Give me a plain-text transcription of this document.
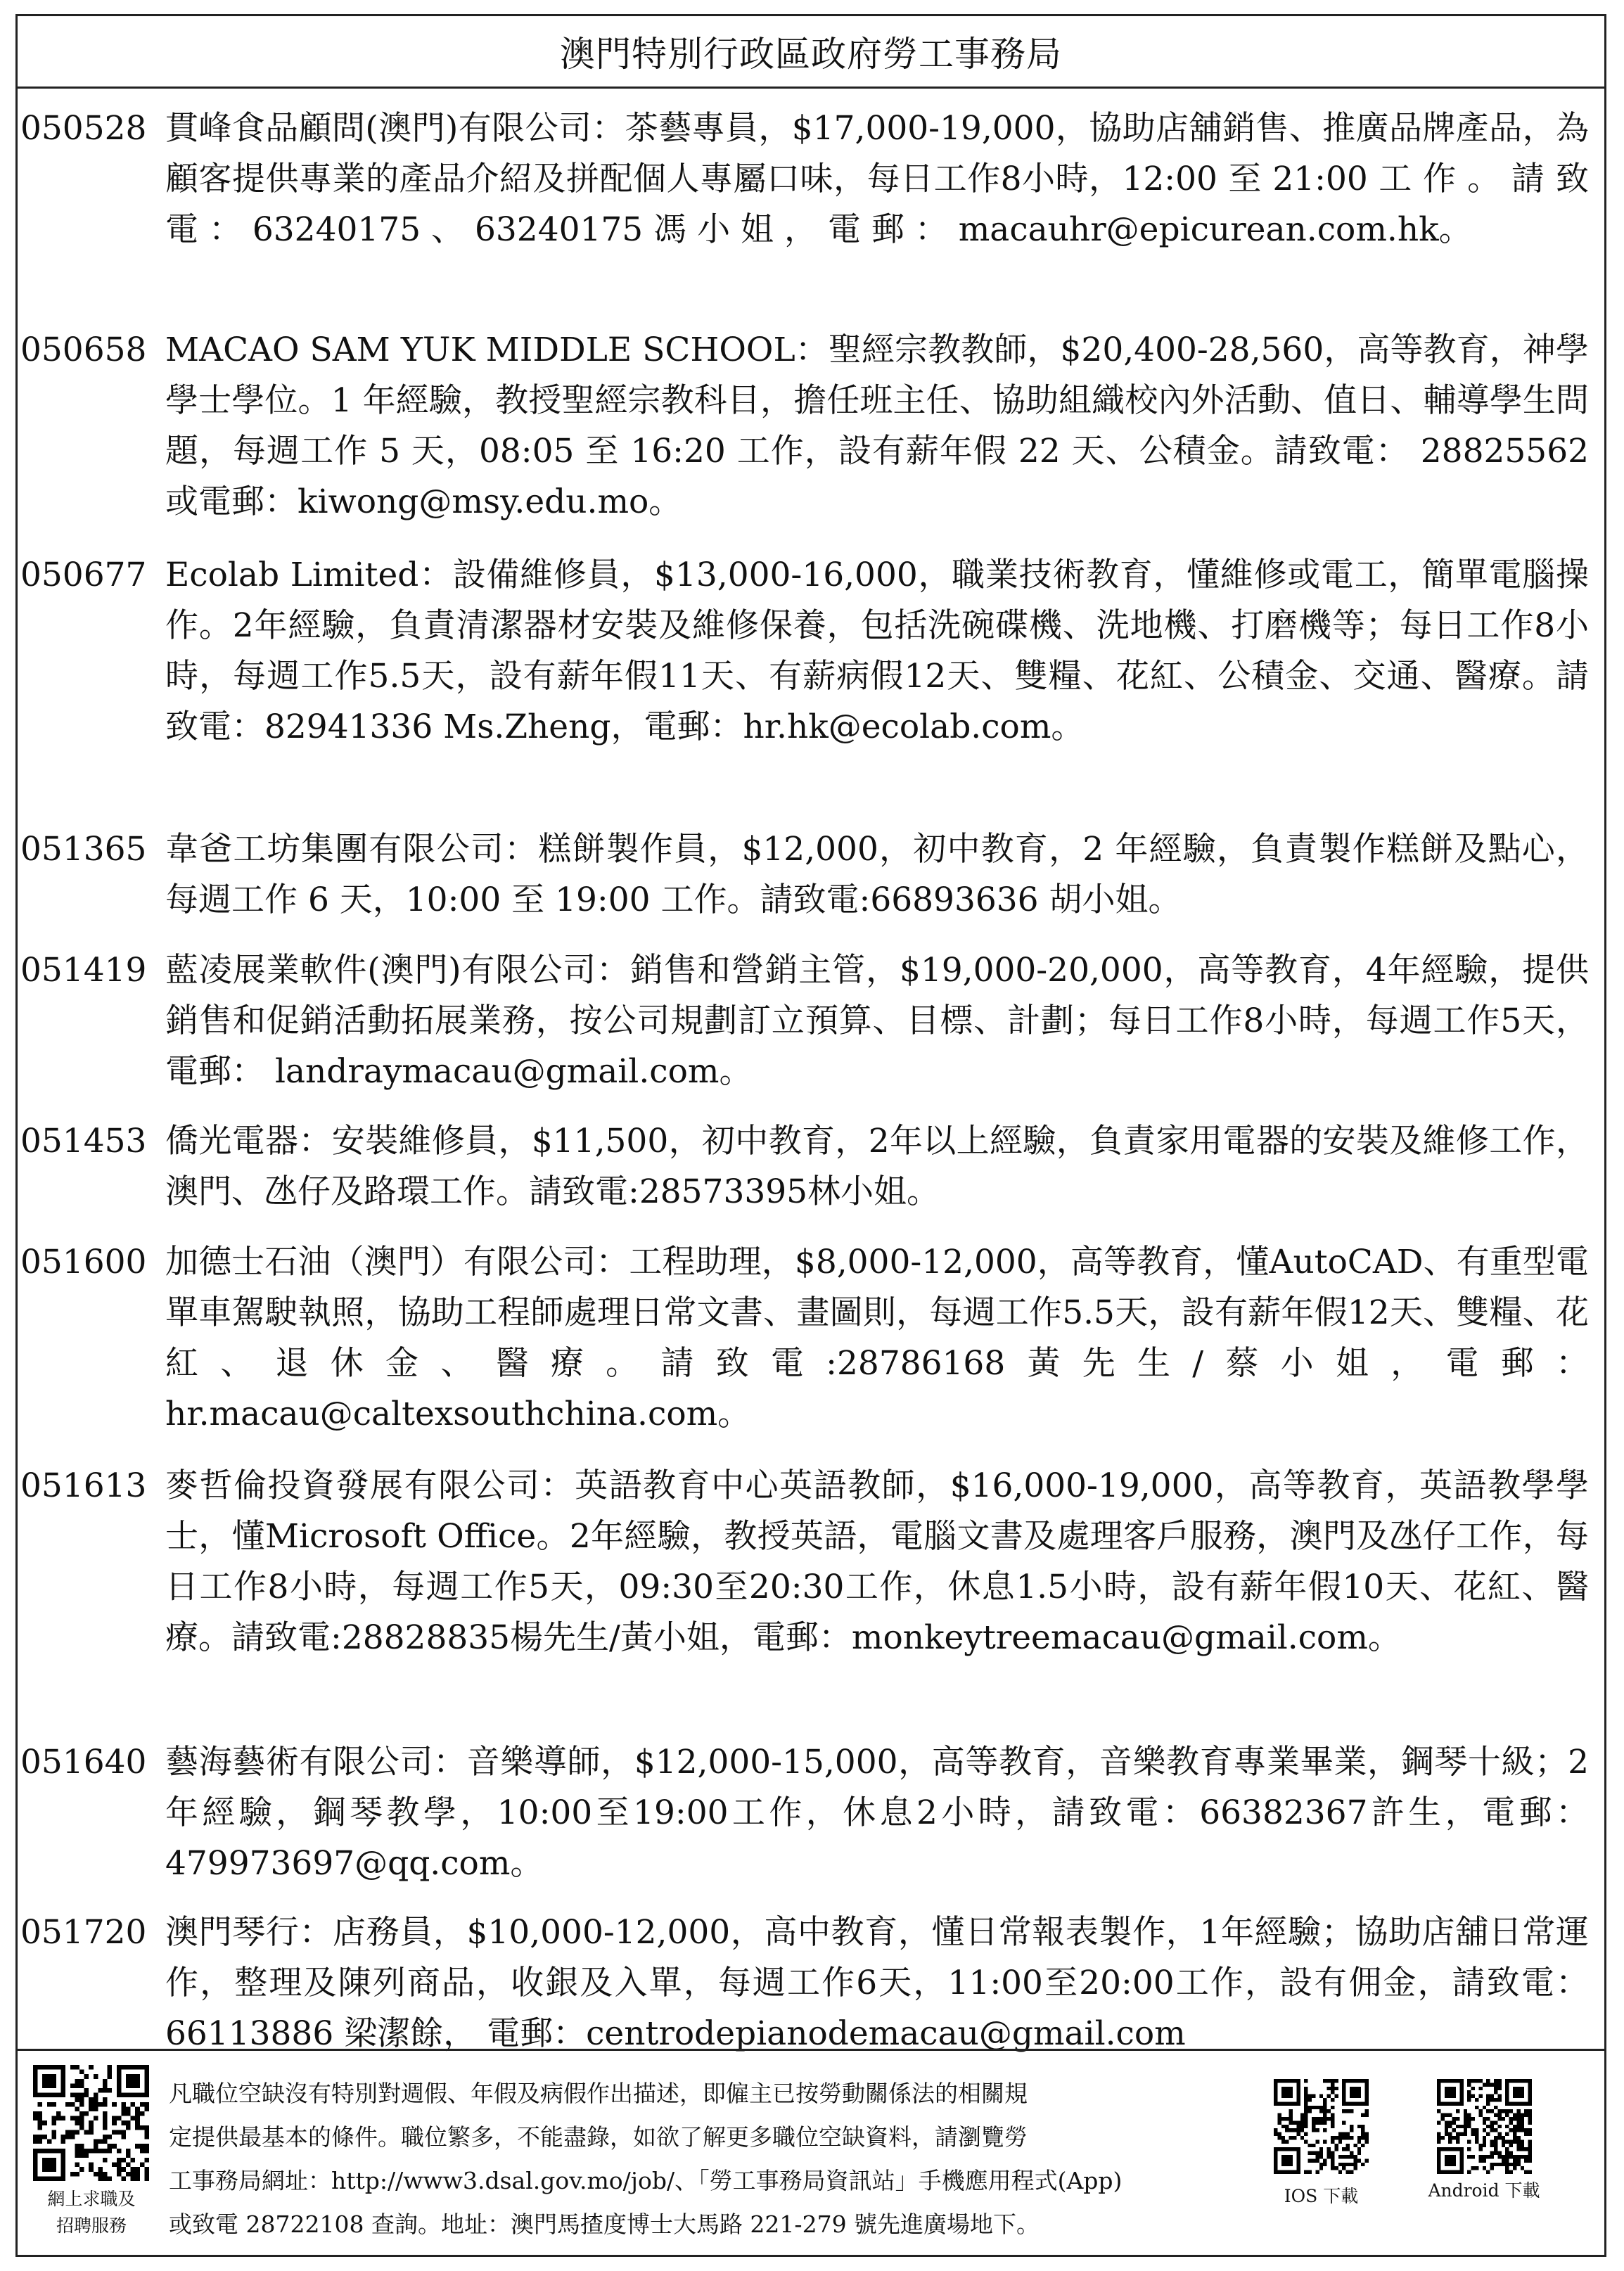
澳門特別行政區政府勞工事務局
050528 貫峰食品顧問(澳門)有限公司：茶藝專員，$17,000-19,000，協助店舖銷售、推廣品牌產品，為顧客提供專業的產品介紹及拼配個人專屬口味，每日工作8小時，12:00 至 21:00 工 作 。 請 致 電 ： 63240175 、 63240175 馮 小 姐 ， 電 郵 ： macauhr@epicurean.com.hk。
050658 MACAO SAM YUK MIDDLE SCHOOL：聖經宗教教師，$20,400-28,560，高等教育，神學學士學位。1 年經驗，教授聖經宗教科目，擔任班主任、協助組織校內外活動、值日、輔導學生問題，每週工作 5 天，08:05 至 16:20 工作，設有薪年假 22 天、公積金。請致電： 28825562 或電郵：kiwong@msy.edu.mo。
050677 Ecolab Limited：設備維修員，$13,000-16,000，職業技術教育，懂維修或電工，簡單電腦操作。2年經驗，負責清潔器材安裝及維修保養，包括洗碗碟機、洗地機、打磨機等；每日工作8小時，每週工作5.5天，設有薪年假11天、有薪病假12天、雙糧、花紅、公積金、交通、醫療。請致電：82941336 Ms.Zheng，電郵：hr.hk@ecolab.com。
051365 韋爸工坊集團有限公司：糕餅製作員，$12,000，初中教育，2 年經驗，負責製作糕餅及點心，每週工作 6 天，10:00 至 19:00 工作。請致電:66893636 胡小姐。
051419 藍凌展業軟件(澳門)有限公司：銷售和營銷主管，$19,000-20,000，高等教育，4年經驗，提供銷售和促銷活動拓展業務，按公司規劃訂立預算、目標、計劃；每日工作8小時，每週工作5天，電郵： landraymacau@gmail.com。
051453 僑光電器：安裝維修員，$11,500，初中教育，2年以上經驗，負責家用電器的安裝及維修工作，澳門、氹仔及路環工作。請致電:28573395林小姐。
051600 加德士石油（澳門）有限公司：工程助理，$8,000-12,000，高等教育，懂AutoCAD、有重型電單車駕駛執照，協助工程師處理日常文書、畫圖則，每週工作5.5天，設有薪年假12天、雙糧、花紅、退休金、醫療。請致電:28786168黃先生/蔡小姐，電郵：hr.macau@caltexsouthchina.com。
051613 麥哲倫投資發展有限公司：英語教育中心英語教師，$16,000-19,000，高等教育，英語教學學士，懂Microsoft Office。2年經驗，教授英語，電腦文書及處理客戶服務，澳門及氹仔工作，每日工作8小時，每週工作5天，09:30至20:30工作，休息1.5小時，設有薪年假10天、花紅、醫療。請致電:28828835楊先生/黃小姐，電郵：monkeytreemacau@gmail.com。
051640 藝海藝術有限公司：音樂導師，$12,000-15,000，高等教育，音樂教育專業畢業，鋼琴十級；2年經驗，鋼琴教學，10:00至19:00工作，休息2小時，請致電：66382367許生，電郵：479973697@qq.com。
051720 澳門琴行：店務員，$10,000-12,000，高中教育，懂日常報表製作，1年經驗；協助店舖日常運作，整理及陳列商品，收銀及入單，每週工作6天，11:00至20:00工作，設有佣金，請致電：66113886 梁潔餘， 電郵：centrodepianodemacau@gmail.com
網上求職及
招聘服務
凡職位空缺沒有特別對週假、年假及病假作出描述，即僱主已按勞動關係法的相關規
定提供最基本的條件。職位繁多，不能盡錄，如欲了解更多職位空缺資料，請瀏覽勞
工事務局網址：http://www3.dsal.gov.mo/job/、「勞工事務局資訊站」手機應用程式(App)
或致電 28722108 查詢。地址：澳門馬揸度博士大馬路 221-279 號先進廣場地下。
IOS 下載	Android 下載
